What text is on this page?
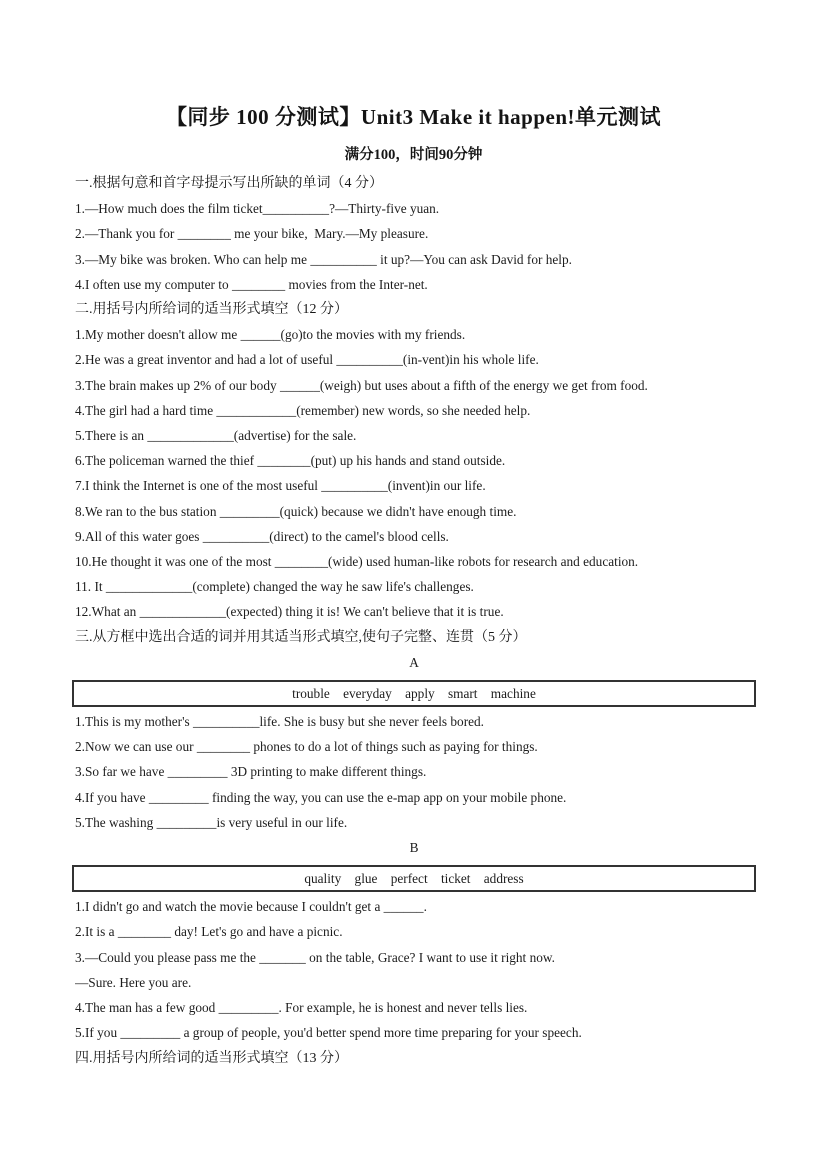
【同步 100 分测试】Unit3 Make it happen!单元测试
满分100，时间90分钟
一.根据句意和首字母提示写出所缺的单词（4 分）
1.—How much does the film ticket__________?—Thirty-five yuan.
2.—Thank you for ________ me your bike,  Mary.—My pleasure.
3.—My bike was broken. Who can help me __________ it up?—You can ask David for help.
4.I often use my computer to ________ movies from the Inter-net.
二.用括号内所给词的适当形式填空（12 分）
1.My mother doesn't allow me ______(go)to the movies with my friends.
2.He was a great inventor and had a lot of useful __________(in-vent)in his whole life.
3.The brain makes up 2% of our body ______(weigh) but uses about a fifth of the energy we get from food.
4.The girl had a hard time ____________(remember) new words, so she needed help.
5.There is an _____________(advertise) for the sale.
6.The policeman warned the thief ________(put) up his hands and stand outside.
7.I think the Internet is one of the most useful __________(invent)in our life.
8.We ran to the bus station _________(quick) because we didn't have enough time.
9.All of this water goes __________(direct) to the camel's blood cells.
10.He thought it was one of the most ________(wide) used human-like robots for research and education.
11. It _____________(complete) changed the way he saw life's challenges.
12.What an _____________(expected) thing it is! We can't believe that it is true.
三.从方框中选出合适的词并用其适当形式填空,使句子完整、连贯（5 分）
A
trouble    everyday    apply    smart    machine
1.This is my mother's __________life. She is busy but she never feels bored.
2.Now we can use our ________ phones to do a lot of things such as paying for things.
3.So far we have _________ 3D printing to make different things.
4.If you have _________ finding the way, you can use the e-map app on your mobile phone.
5.The washing _________is very useful in our life.
B
quality    glue    perfect    ticket    address
1.I didn't go and watch the movie because I couldn't get a ______.
2.It is a ________ day! Let's go and have a picnic.
3.—Could you please pass me the _______ on the table, Grace? I want to use it right now.
—Sure. Here you are.
4.The man has a few good _________. For example, he is honest and never tells lies.
5.If you _________ a group of people, you'd better spend more time preparing for your speech.
四.用括号内所给词的适当形式填空（13 分）
